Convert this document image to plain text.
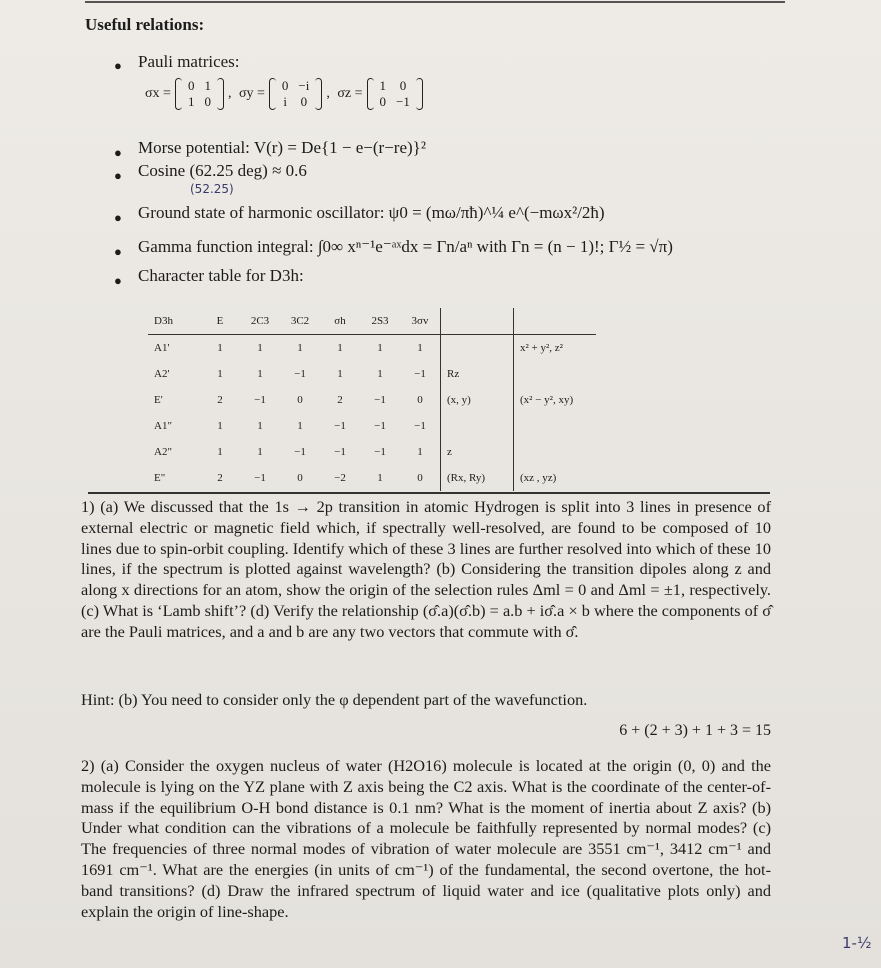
Useful relations:
● Pauli matrices:
σx =
0	1
1	0
, σy =
0	−i
i	0
, σz =
1	0
0	−1
● Morse potential: V(r) = De{1 − e−(r−re)}²
● Cosine (62.25 deg) ≈ 0.6
(52.25)
● Ground state of harmonic oscillator: ψ0 = (mω/πħ)^¼ e^(−mωx²/2ħ)
● Gamma function integral: ∫0∞ xⁿ⁻¹e⁻ᵃˣdx = Γn/aⁿ with Γn = (n − 1)!; Γ½ = √π)
● Character table for D3h:
D3h	E	2C3	3C2	σh	2S3	3σv		
A1'	1	1	1	1	1	1		x² + y², z²
A2'	1	1	−1	1	1	−1	Rz	
E'	2	−1	0	2	−1	0	(x, y)	(x² − y², xy)
A1"	1	1	1	−1	−1	−1		
A2"	1	1	−1	−1	−1	1	z	
E"	2	−1	0	−2	1	0	(Rx, Ry)	(xz , yz)
1) (a) We discussed that the 1s → 2p transition in atomic Hydrogen is split into 3 lines in presence of external electric or magnetic field which, if spectrally well-resolved, are found to be composed of 10 lines due to spin-orbit coupling. Identify which of these 3 lines are further resolved into which of these 10 lines, if the spectrum is plotted against wavelength? (b) Considering the transition dipoles along z and along x directions for an atom, show the origin of the selection rules Δml = 0 and Δml = ±1, respectively. (c) What is ‘Lamb shift’? (d) Verify the relationship (σ̂.a)(σ̂.b) = a.b + iσ̂.a × b where the components of σ̂ are the Pauli matrices, and a and b are any two vectors that commute with σ̂.
Hint: (b) You need to consider only the φ dependent part of the wavefunction.
6 + (2 + 3) + 1 + 3 = 15
2) (a) Consider the oxygen nucleus of water (H2O16) molecule is located at the origin (0, 0) and the molecule is lying on the YZ plane with Z axis being the C2 axis. What is the coordinate of the center-of-mass if the equilibrium O-H bond distance is 0.1 nm? What is the moment of inertia about Z axis? (b) Under what condition can the vibrations of a molecule be faithfully represented by normal modes? (c) The frequencies of three normal modes of vibration of water molecule are 3551 cm⁻¹, 3412 cm⁻¹ and 1691 cm⁻¹. What are the energies (in units of cm⁻¹) of the fundamental, the second overtone, the hot-band transitions? (d) Draw the infrared spectrum of liquid water and ice (qualitative plots only) and explain the origin of line-shape.
1-½
